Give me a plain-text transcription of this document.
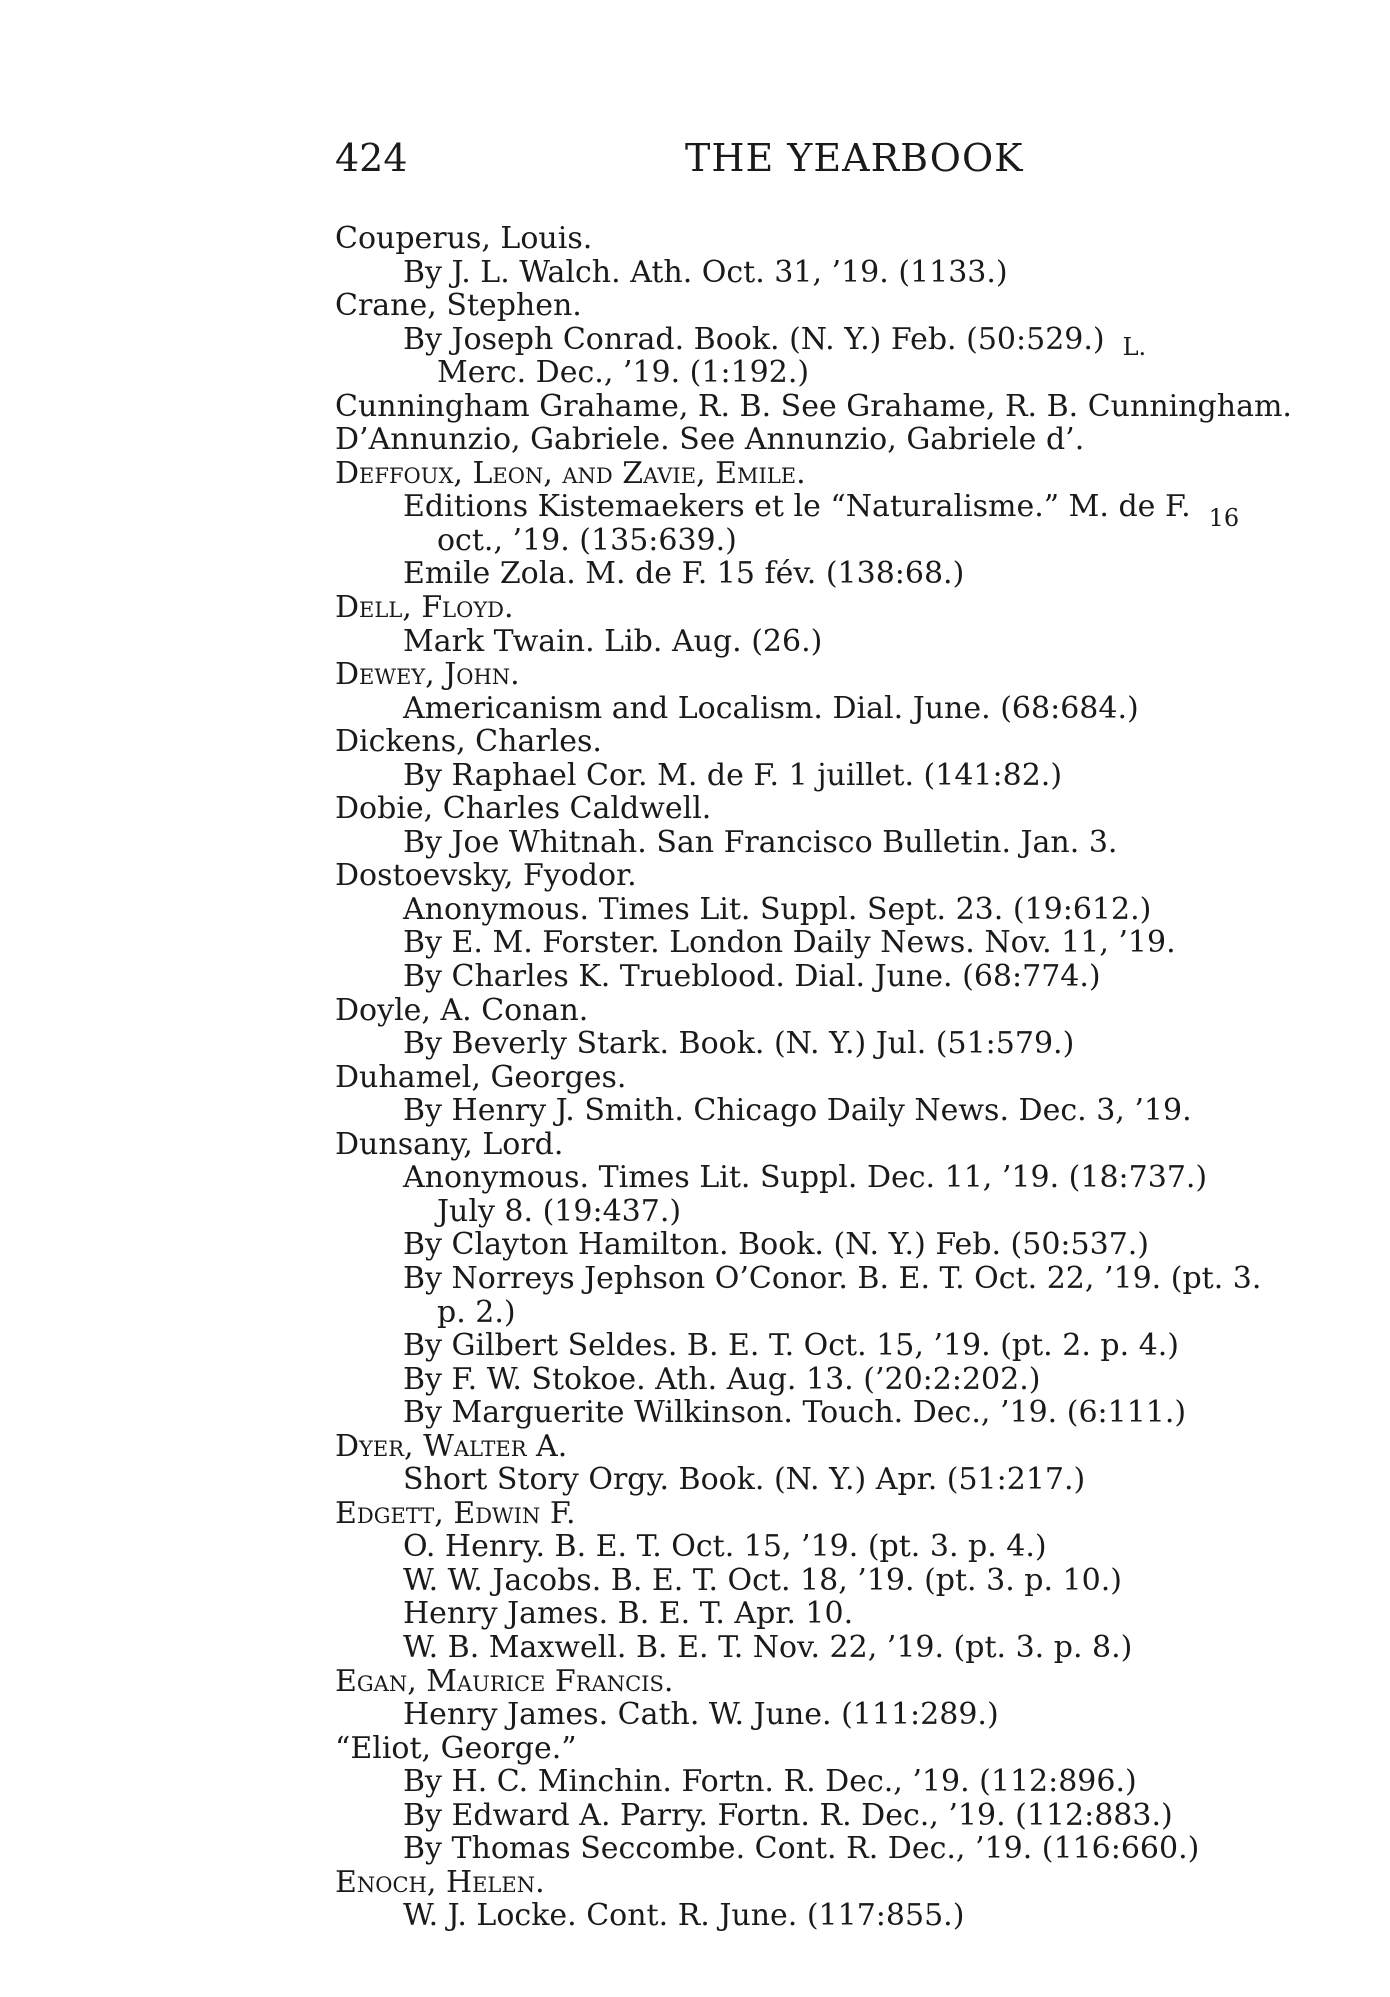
424	THE YEARBOOK
Couperus, Louis.
By J. L. Walch. Ath. Oct. 31, ’19. (1133.)
Crane, Stephen.
By Joseph Conrad. Book. (N. Y.) Feb. (50:529.) $_{L.}$
Merc. Dec., ’19. (1:192.)
Cunningham Grahame, R. B. See Grahame, R. B. Cunningham.
D’Annunzio, Gabriele. See Annunzio, Gabriele d’.
Deffoux, Leon, and Zavie, Emile.
Editions Kistemaekers et le “Naturalisme.” M. de F. $_{16}$
oct., ’19. (135:639.)
Emile Zola. M. de F. 15 fév. (138:68.)
Dell, Floyd.
Mark Twain. Lib. Aug. (26.)
Dewey, John.
Americanism and Localism. Dial. June. (68:684.)
Dickens, Charles.
By Raphael Cor. M. de F. 1 juillet. (141:82.)
Dobie, Charles Caldwell.
By Joe Whitnah. San Francisco Bulletin. Jan. 3.
Dostoevsky, Fyodor.
Anonymous. Times Lit. Suppl. Sept. 23. (19:612.)
By E. M. Forster. London Daily News. Nov. 11, ’19.
By Charles K. Trueblood. Dial. June. (68:774.)
Doyle, A. Conan.
By Beverly Stark. Book. (N. Y.) Jul. (51:579.)
Duhamel, Georges.
By Henry J. Smith. Chicago Daily News. Dec. 3, ’19.
Dunsany, Lord.
Anonymous. Times Lit. Suppl. Dec. 11, ’19. (18:737.)
July 8. (19:437.)
By Clayton Hamilton. Book. (N. Y.) Feb. (50:537.)
By Norreys Jephson O’Conor. B. E. T. Oct. 22, ’19. (pt. 3.
p. 2.)
By Gilbert Seldes. B. E. T. Oct. 15, ’19. (pt. 2. p. 4.)
By F. W. Stokoe. Ath. Aug. 13. (’20:2:202.)
By Marguerite Wilkinson. Touch. Dec., ’19. (6:111.)
Dyer, Walter A.
Short Story Orgy. Book. (N. Y.) Apr. (51:217.)
Edgett, Edwin F.
O. Henry. B. E. T. Oct. 15, ’19. (pt. 3. p. 4.)
W. W. Jacobs. B. E. T. Oct. 18, ’19. (pt. 3. p. 10.)
Henry James. B. E. T. Apr. 10.
W. B. Maxwell. B. E. T. Nov. 22, ’19. (pt. 3. p. 8.)
Egan, Maurice Francis.
Henry James. Cath. W. June. (111:289.)
“Eliot, George.”
By H. C. Minchin. Fortn. R. Dec., ’19. (112:896.)
By Edward A. Parry. Fortn. R. Dec., ’19. (112:883.)
By Thomas Seccombe. Cont. R. Dec., ’19. (116:660.)
Enoch, Helen.
W. J. Locke. Cont. R. June. (117:855.)
